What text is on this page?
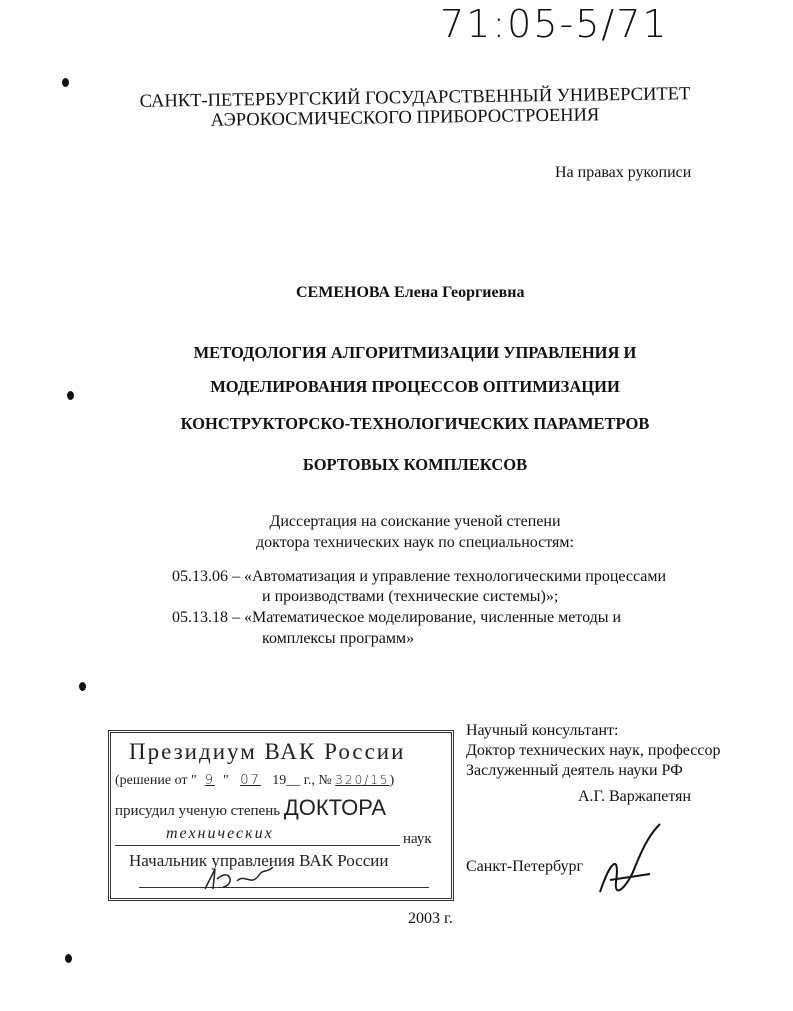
71:05-5/71
САНКТ-ПЕТЕРБУРГСКИЙ ГОСУДАРСТВЕННЫЙ УНИВЕРСИТЕТ
АЭРОКОСМИЧЕСКОГО ПРИБОРОСТРОЕНИЯ
На правах рукописи
СЕМЕНОВА Елена Георгиевна
МЕТОДОЛОГИЯ АЛГОРИТМИЗАЦИИ УПРАВЛЕНИЯ И
МОДЕЛИРОВАНИЯ ПРОЦЕССОВ ОПТИМИЗАЦИИ
КОНСТРУКТОРСКО-ТЕХНОЛОГИЧЕСКИХ ПАРАМЕТРОВ
БОРТОВЫХ КОМПЛЕКСОВ
Диссертация на соискание ученой степени
доктора технических наук по специальностям:
05.13.06 – «Автоматизация и управление технологическими процессами
и производствами (технические системы)»;
05.13.18 – «Математическое моделирование, численные методы и
комплексы программ»
Президиум ВАК России
(решение от " 9 " 07 19__ г., № 320/15)
присудил ученую степень ДОКТОРА
технических	наук
Начальник управления ВАК России
Научный консультант:
Доктор технических наук, профессор
Заслуженный деятель науки РФ
А.Г. Варжапетян
Санкт-Петербург
2003 г.
